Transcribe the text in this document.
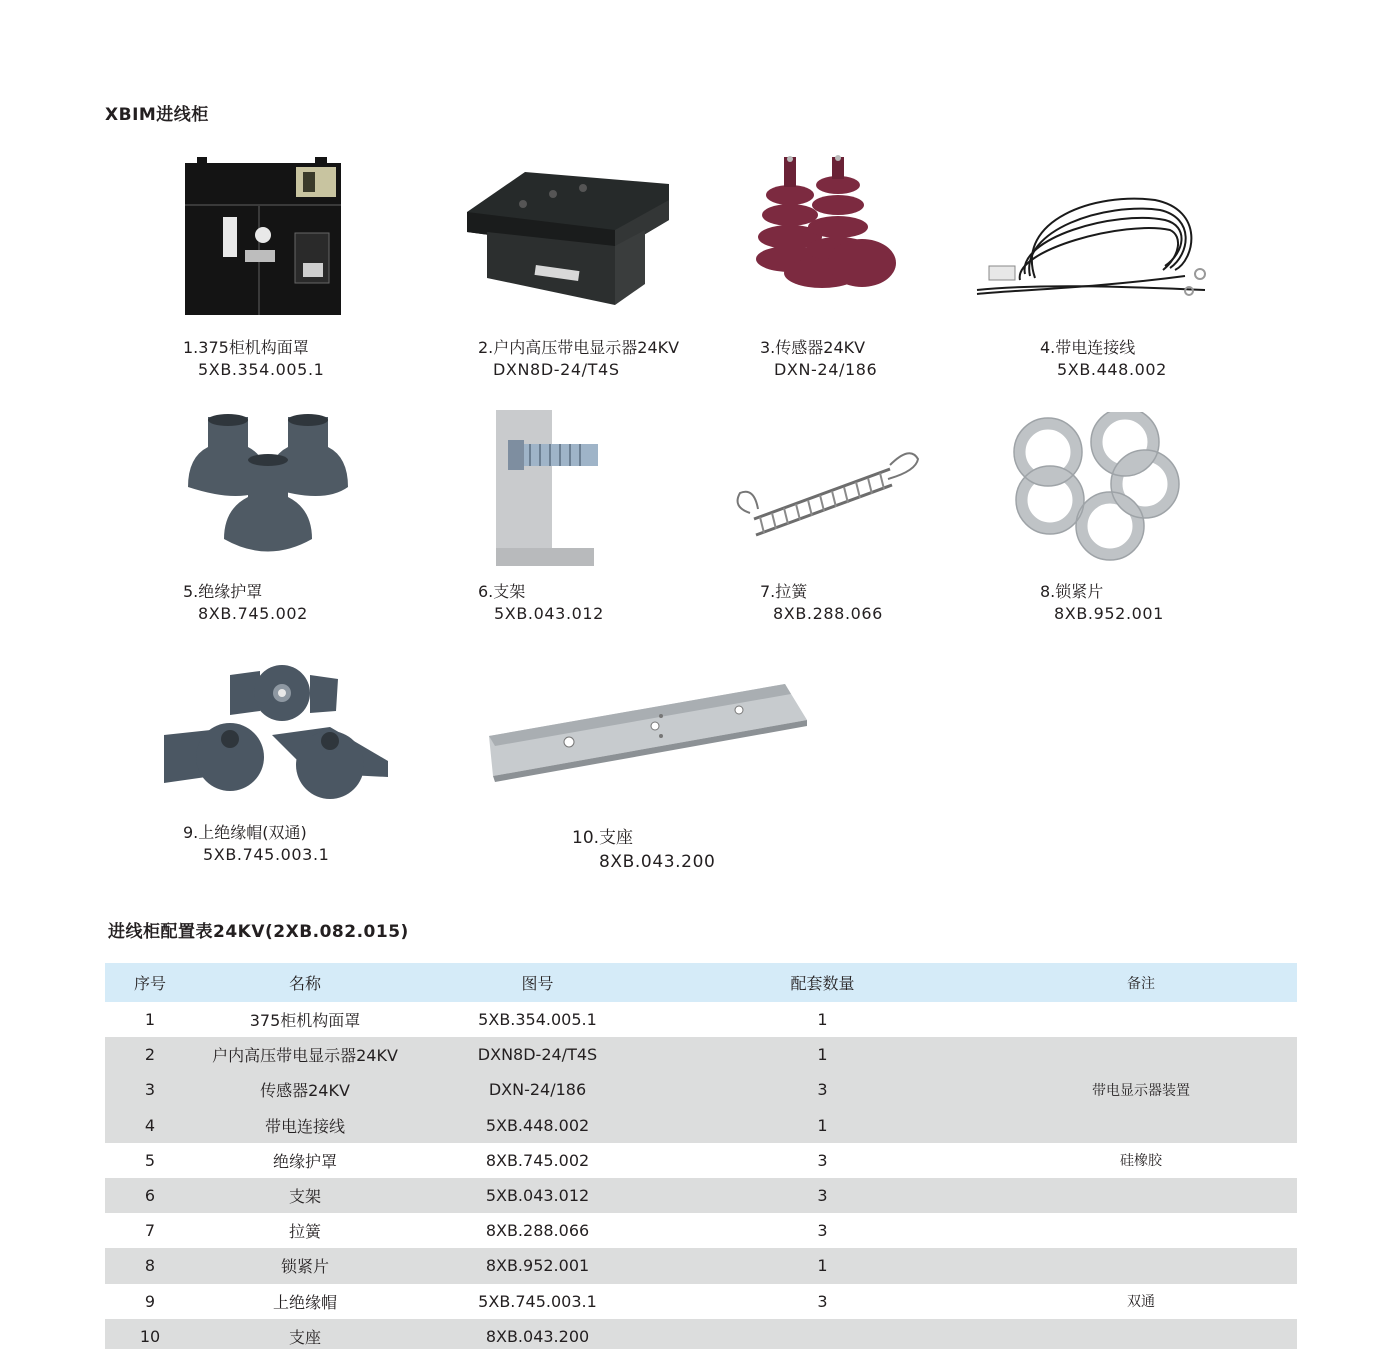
XBIM进线柜
1.375柜机构面罩
5XB.354.005.1
2.户内高压带电显示器24KV
DXN8D-24/T4S
3.传感器24KV
DXN-24/186
4.带电连接线
5XB.448.002
5.绝缘护罩
8XB.745.002
6.支架
5XB.043.012
7.拉簧
8XB.288.066
8.锁紧片
8XB.952.001
9.上绝缘帽(双通)
5XB.745.003.1
10.支座
8XB.043.200
进线柜配置表24KV(2XB.082.015)
序号	名称	图号	配套数量	备注
1	375柜机构面罩	5XB.354.005.1	1	
2	户内高压带电显示器24KV	DXN8D-24/T4S	1	带电显示器装置
3	传感器24KV	DXN-24/186	3	
4	带电连接线	5XB.448.002	1	
5	绝缘护罩	8XB.745.002	3	硅橡胶
6	支架	5XB.043.012	3	
7	拉簧	8XB.288.066	3	
8	锁紧片	8XB.952.001	1	
9	上绝缘帽	5XB.745.003.1	3	双通
10	支座	8XB.043.200		
